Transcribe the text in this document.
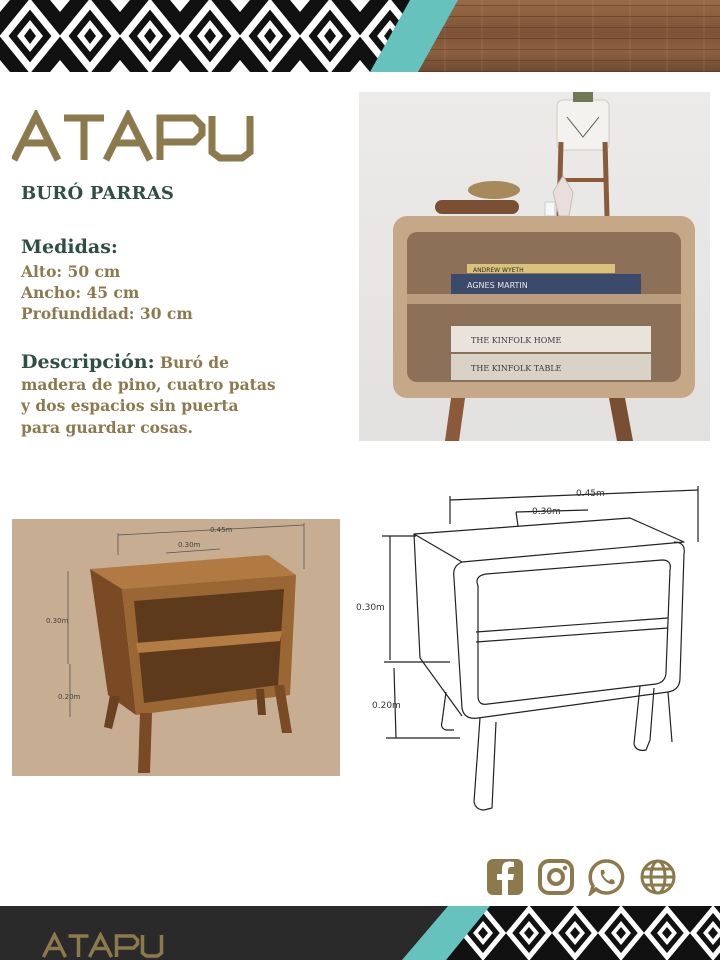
BURÓ PARRAS
Medidas:
Alto: 50 cm
Ancho: 45 cm
Profundidad: 30 cm
Descripción: Buró de madera de pino, cuatro patas y dos espacios sin puerta para guardar cosas.
ANDREW WYETH
AGNES MARTIN
THE KINFOLK HOME
THE KINFOLK TABLE
0.45m
0.30m
0.30m
0.20m
0.45m
0.30m
0.30m
0.20m
